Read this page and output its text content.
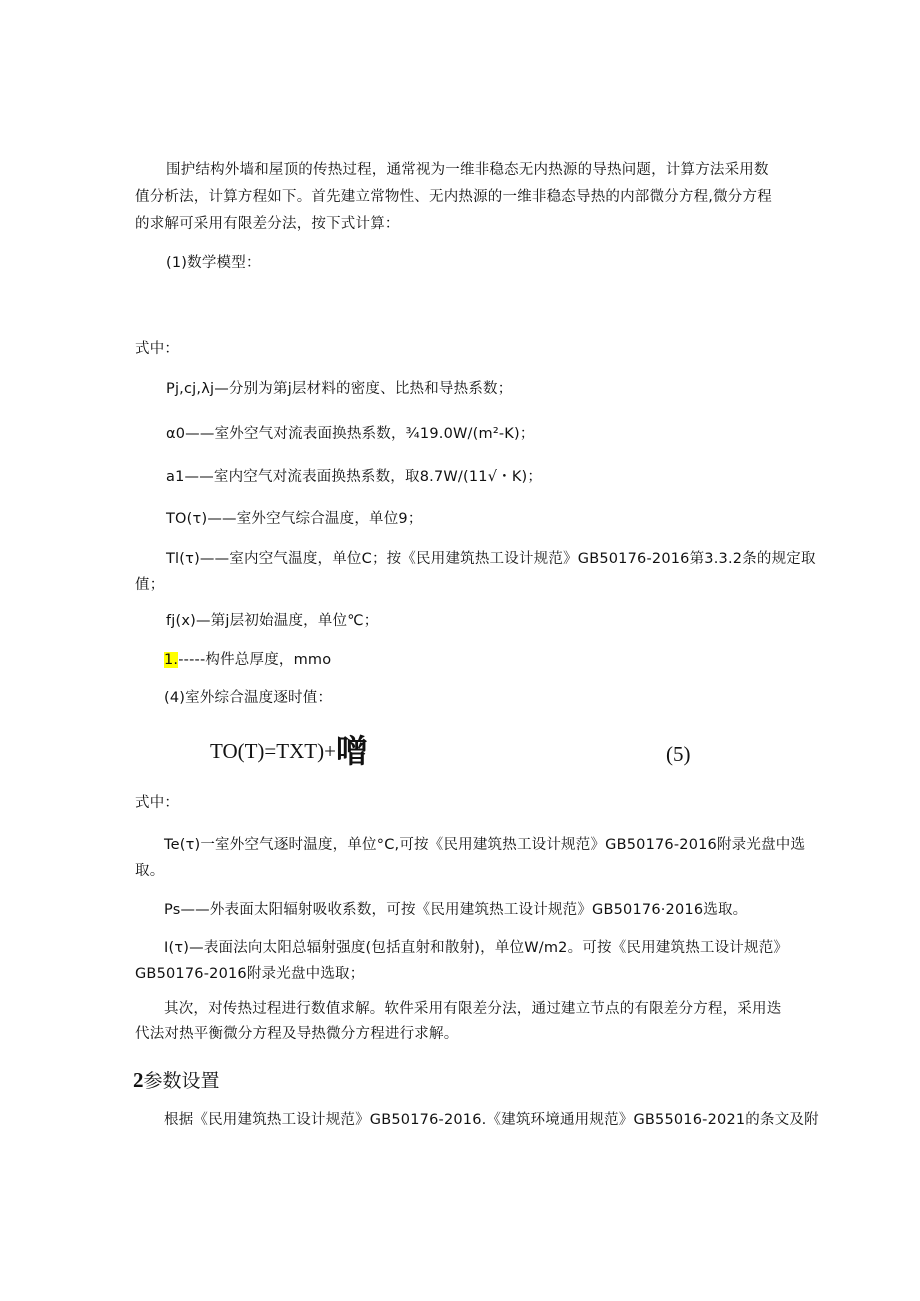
围护结构外墙和屋顶的传热过程，通常视为一维非稳态无内热源的导热问题，计算方法采用数

值分析法，计算方程如下。首先建立常物性、无内热源的一维非稳态导热的内部微分方程,微分方程

的求解可采用有限差分法，按下式计算：

(1)数学模型：

式中：

Pj,cj,λj—分别为第j层材料的密度、比热和导热系数；

α0——室外空气对流表面换热系数，¾19.0W/(m²-K)；

a1——室内空气对流表面换热系数，取8.7W/(11√・K)；

TO(τ)——室外空气综合温度，单位9；

Tl(τ)——室内空气温度，单位C；按《民用建筑热工设计规范》GB50176-2016第3.3.2条的规定取

值；

fj(x)—第j层初始温度，单位℃；

1.-----构件总厚度，mmo

(4)室外综合温度逐时值：

TO(T)=TXT)+噌	(5)

式中：

Te(τ)一室外空气逐时温度，单位°C,可按《民用建筑热工设计规范》GB50176-2016附录光盘中选

取。

Ps——外表面太阳辐射吸收系数，可按《民用建筑热工设计规范》GB50176·2016选取。

I(τ)—表面法向太阳总辐射强度(包括直射和散射)，单位W/m2。可按《民用建筑热工设计规范》

GB50176-2016附录光盘中选取；

其次，对传热过程进行数值求解。软件采用有限差分法，通过建立节点的有限差分方程，采用迭

代法对热平衡微分方程及导热微分方程进行求解。

2参数设置

根据《民用建筑热工设计规范》GB50176-2016.《建筑环境通用规范》GB55016-2021的条文及附
